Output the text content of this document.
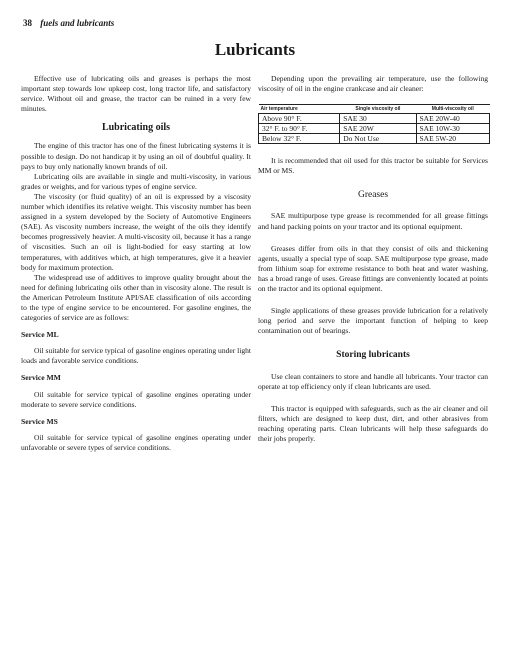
38 fuels and lubricants
Lubricants

Effective use of lubricating oils and greases is perhaps the most important step towards low upkeep cost, long tractor life, and satisfactory service. Without oil and grease, the tractor can be ruined in a very few minutes.

Lubricating oils

The engine of this tractor has one of the finest lubricating systems it is possible to design. Do not handicap it by using an oil of doubtful quality. It pays to buy only nationally known brands of oil.

Lubricating oils are available in single and multi-viscosity, in various grades or weights, and for various types of engine service.

The viscosity (or fluid quality) of an oil is expressed by a viscosity number which identifies its relative weight. This viscosity number has been assigned in a system developed by the Society of Automotive Engineers (SAE). As viscosity numbers increase, the weight of the oils they identify becomes progressively heavier. A multi-viscosity oil, because it has a range of viscosities. Such an oil is light-bodied for easy starting at low temperatures, with additives which, at high temperatures, give it a heavier body for maximum protection.

The widespread use of additives to improve quality brought about the need for defining lubricating oils other than in viscosity alone. The result is the American Petroleum Institute API/SAE classification of oils according to the type of engine service to be encountered. For gasoline engines, the categories of service are as follows:

Service ML

Oil suitable for service typical of gasoline engines operating under light loads and favorable service conditions.

Service MM

Oil suitable for service typical of gasoline engines operating under moderate to severe service conditions.

Service MS

Oil suitable for service typical of gasoline engines operating under unfavorable or severe types of service conditions.

Depending upon the prevailing air temperature, use the following viscosity of oil in the engine crankcase and air cleaner:

Air temperature	Single viscosity oil	Multi-viscosity oil
Above 90° F.	SAE 30	SAE 20W-40
32° F. to 90° F.	SAE 20W	SAE 10W-30
Below 32° F.	Do Not Use	SAE 5W-20

It is recommended that oil used for this tractor be suitable for Services MM or MS.

Greases

SAE multipurpose type grease is recommended for all grease fittings and hand packing points on your tractor and its optional equipment.

Greases differ from oils in that they consist of oils and thickening agents, usually a special type of soap. SAE multipurpose type grease, made from lithium soap for extreme resistance to both heat and water washing, has a broad range of uses. Grease fittings are conveniently located at points on the tractor and its optional equipment.

Single applications of these greases provide lubrication for a relatively long period and serve the important function of helping to keep contamination out of bearings.

Storing lubricants

Use clean containers to store and handle all lubricants. Your tractor can operate at top efficiency only if clean lubricants are used.

This tractor is equipped with safeguards, such as the air cleaner and oil filters, which are designed to keep dust, dirt, and other abrasives from reaching operating parts. Clean lubricants will help these safeguards do their jobs properly.
